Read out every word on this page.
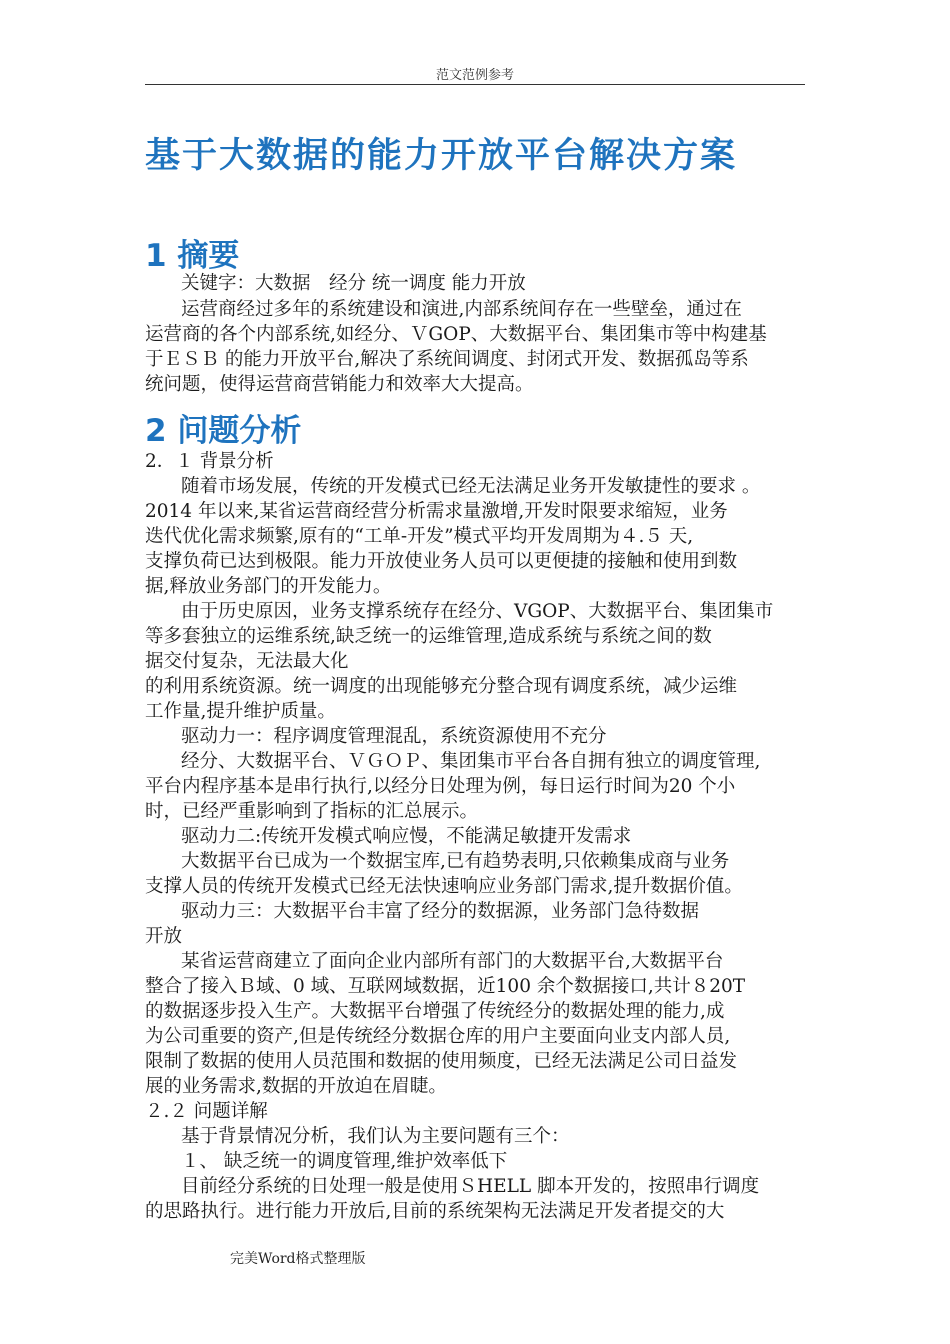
范文范例参考
基于大数据的能力开放平台解决方案
1 摘要
关键字：大数据　经分 统一调度 能力开放
运营商经过多年的系统建设和演进,内部系统间存在一些壁垒，通过在
运营商的各个内部系统,如经分、ＶGOP、大数据平台、集团集市等中构建基
于ＥＳＢ 的能力开放平台,解决了系统间调度、封闭式开发、数据孤岛等系
统问题，使得运营商营销能力和效率大大提高。
2 问题分析
2．１ 背景分析
随着市场发展，传统的开发模式已经无法满足业务开发敏捷性的要求 。
2014 年以来,某省运营商经营分析需求量激增,开发时限要求缩短，业务
迭代优化需求频繁,原有的“工单-开发”模式平均开发周期为４.５ 天,
支撑负荷已达到极限。能力开放使业务人员可以更便捷的接触和使用到数
据,释放业务部门的开发能力。
由于历史原因，业务支撑系统存在经分、VGOP、大数据平台、集团集市
等多套独立的运维系统,缺乏统一的运维管理,造成系统与系统之间的数
据交付复杂，无法最大化
的利用系统资源。统一调度的出现能够充分整合现有调度系统，减少运维
工作量,提升维护质量。
驱动力一：程序调度管理混乱，系统资源使用不充分
经分、大数据平台、ＶＧＯＰ、集团集市平台各自拥有独立的调度管理,
平台内程序基本是串行执行,以经分日处理为例，每日运行时间为20 个小
时，已经严重影响到了指标的汇总展示。
驱动力二:传统开发模式响应慢，不能满足敏捷开发需求
大数据平台已成为一个数据宝库,已有趋势表明,只依赖集成商与业务
支撑人员的传统开发模式已经无法快速响应业务部门需求,提升数据价值。
驱动力三：大数据平台丰富了经分的数据源，业务部门急待数据
开放
某省运营商建立了面向企业内部所有部门的大数据平台,大数据平台
整合了接入Ｂ域、0 域、互联网域数据，近100 余个数据接口,共计８20T
的数据逐步投入生产。大数据平台增强了传统经分的数据处理的能力,成
为公司重要的资产,但是传统经分数据仓库的用户主要面向业支内部人员,
限制了数据的使用人员范围和数据的使用频度，已经无法满足公司日益发
展的业务需求,数据的开放迫在眉睫。
２.２ 问题详解
基于背景情况分析，我们认为主要问题有三个：
１、 缺乏统一的调度管理,维护效率低下
目前经分系统的日处理一般是使用ＳHELL 脚本开发的，按照串行调度
的思路执行。进行能力开放后,目前的系统架构无法满足开发者提交的大
完美Word格式整理版
